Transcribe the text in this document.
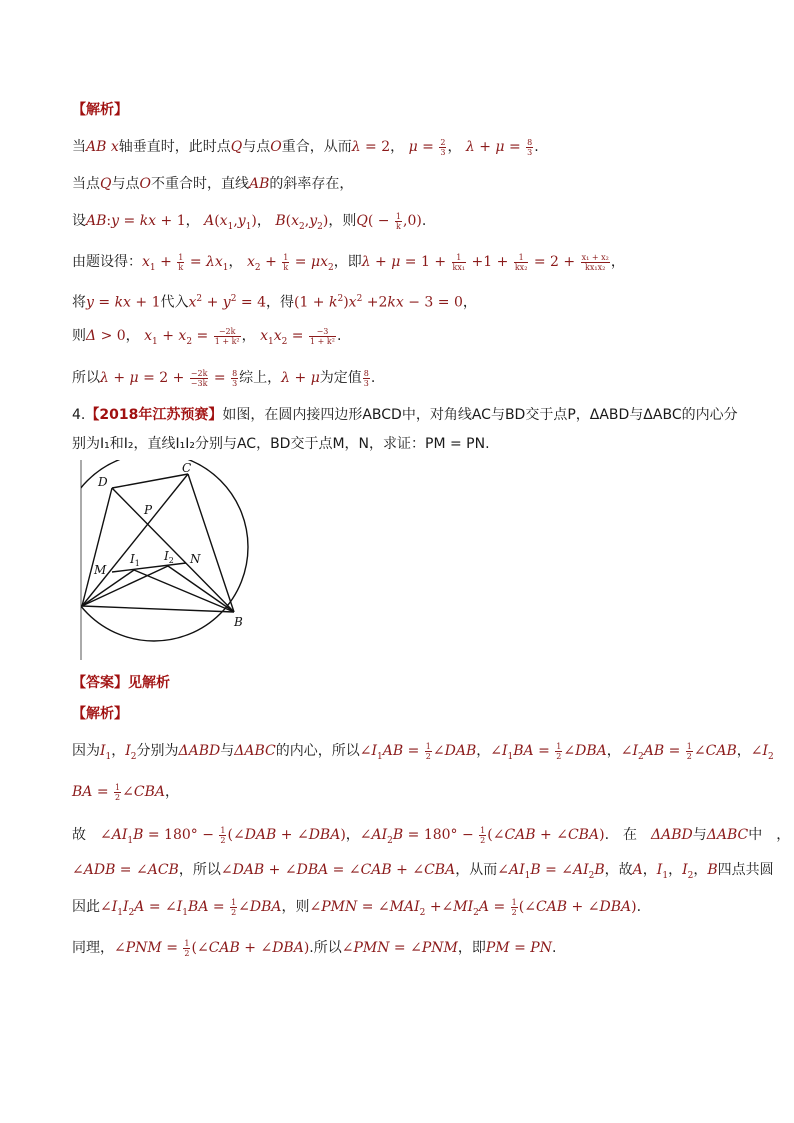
【解析】
当AB x轴垂直时，此时点Q与点O重合，从而λ = 2， $\mu = \frac{2}{3}$ ， $\lambda + \mu = \frac{8}{3}$ .
当点Q与点O不重合时，直线AB的斜率存在，
设AB:y = kx + 1， $A(x_1,y_1)$， $B(x_2,y_2)$，则$Q( - \frac{1}{k} ,0)$.
由题设得：$x_1 + \frac{1}{k} = \lambda x_1$， $x_2 + \frac{1}{k} = \mu x_2$，即$\lambda + \mu = 1 + \frac{1}{\text{kx₁}} +1 + \frac{1}{\text{kx₂}} = 2 + \frac{\text{x₁ + x₂}}{\text{kx₁x₂}}$ ，
将y = kx + 1代入$x^2 + y^2 = 4$，得$(1 + k^2)x^2 +2kx - 3 = 0$，
则Δ > 0， $x_1 + x_2 = \frac{-2k}{\text{1 + k²}}$ ， $x_1x_2 = \frac{-3}{\text{1 + k²}}$ .
所以$\lambda + \mu = 2 + \frac{-2k}{-3k} = \frac{8}{3}$ 综上，λ + μ为定值 $\frac{8}{3}$ .
4.【2018年江苏预赛】如图，在圆内接四边形ABCD中，对角线AC与BD交于点P，ΔABD与ΔABC的内心分
别为I₁和I₂，直线I₁I₂分别与AC，BD交于点M，N，求证：PM = PN.
D
C
P
$I_1$
$I_2$
M
N
B
【答案】见解析
【解析】
因为$I_1$，$I_2$分别为ΔABD与ΔABC的内心，所以$\angle I_1AB = \frac{1}{2}$ ∠DAB，$\angle I_1BA = \frac{1}{2}$ ∠DBA，$\angle I_2AB = \frac{1}{2}$ ∠CAB，$\angle I_2$
BA = $\frac{1}{2}$ ∠CBA，
故　$\angle AI_1B = 180^\circ - \frac{1}{2}$ (∠DAB + ∠DBA)，$\angle AI_2B = 180^\circ - \frac{1}{2}$ (∠CAB + ∠CBA).　在　ΔABD与ΔABC中　，
∠ADB = ∠ACB，所以∠DAB + ∠DBA = ∠CAB + ∠CBA，从而$\angle AI_1B$ = $\angle AI_2B$，故A，$I_1$，$I_2$，B四点共圆
因此$\angle I_1I_2A$ = $\angle I_1BA = \frac{1}{2}$ ∠DBA，则∠PMN = $\angle MAI_2$ $+\angle MI_2A = \frac{1}{2}$ (∠CAB + ∠DBA).
同理，∠PNM = $\frac{1}{2}$ (∠CAB + ∠DBA).所以∠PMN = ∠PNM，即PM = PN.
